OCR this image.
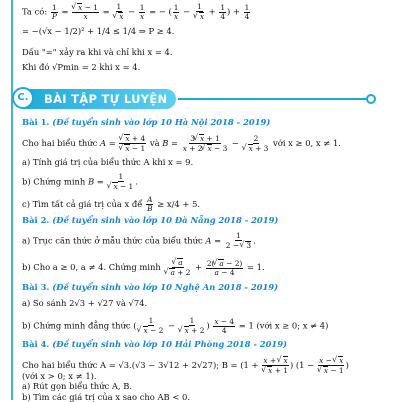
Ta có: $\frac{1}{P}$ = √ $\frac{x - 1}{x} = 1$
√ $x - \frac{1}{x}$ = − ( $\frac{1}{x} - 1$
√ $x + \frac{1}{4}$ ) + $\frac{1}{4}$
= −(√x − 1/2)² + 1/4 ≤ 1/4 ⇒ P ≥ 4.
Dấu "=" xảy ra khi và chỉ khi x = 4.
Khi đó √Pmin = 2 khi x = 4.
C.	BÀI TẬP TỰ LUYỆN
Bài 1. (Đề tuyển sinh vào lớp 10 Hà Nội 2018 - 2019)
Cho hai biểu thức A = √ x + 4
√ x − 1 và $B = \frac{3 √ x + 1}{x + 2 √ x - 3} - 2$
√ x + 3 với x ≥ 0, x ≠ 1.
a) Tính giá trị của biểu thức A khi x = 9.
b) Chứng minh B = 1
√ x − 1 .
c) Tìm tất cả giá trị của x để $\frac{A}{B} \ge x/4 + 5$.
Bài 2. (Đề tuyển sinh vào lớp 10 Đà Nẵng 2018 - 2019)
a) Trục căn thức ở mẫu thức của biểu thức $A = \frac{1}{2 - √ 3}$ .
b) Cho a ≥ 0, a ≠ 4. Chứng minh √ a
√ $a + 2 + \frac{2( √ a - 2)}{a - 4} = 1$.
Bài 3. (Đề tuyển sinh vào lớp 10 Nghệ An 2018 - 2019)
a) So sánh 2√3 + √27 và √74.
b) Chứng minh đẳng thức ( 1
√ x − 2 − 1
√ x + 2 ) $\frac{x - 4}{4} = 1$ (với x ≥ 0; x ≠ 4)
Bài 4. (Đề tuyển sinh vào lớp 10 Hải Phòng 2018 - 2019)
Cho hai biểu thức A = √3.(√3 − 3√12 + 2√27); B = (1 + x + √ x
√ x + 1 ) (1 − x − √ x
√ x − 1 )
(với x > 0; x ≠ 1).
a) Rút gọn biểu thức A, B.
b) Tìm các giá trị của x sao cho AB < 0.
